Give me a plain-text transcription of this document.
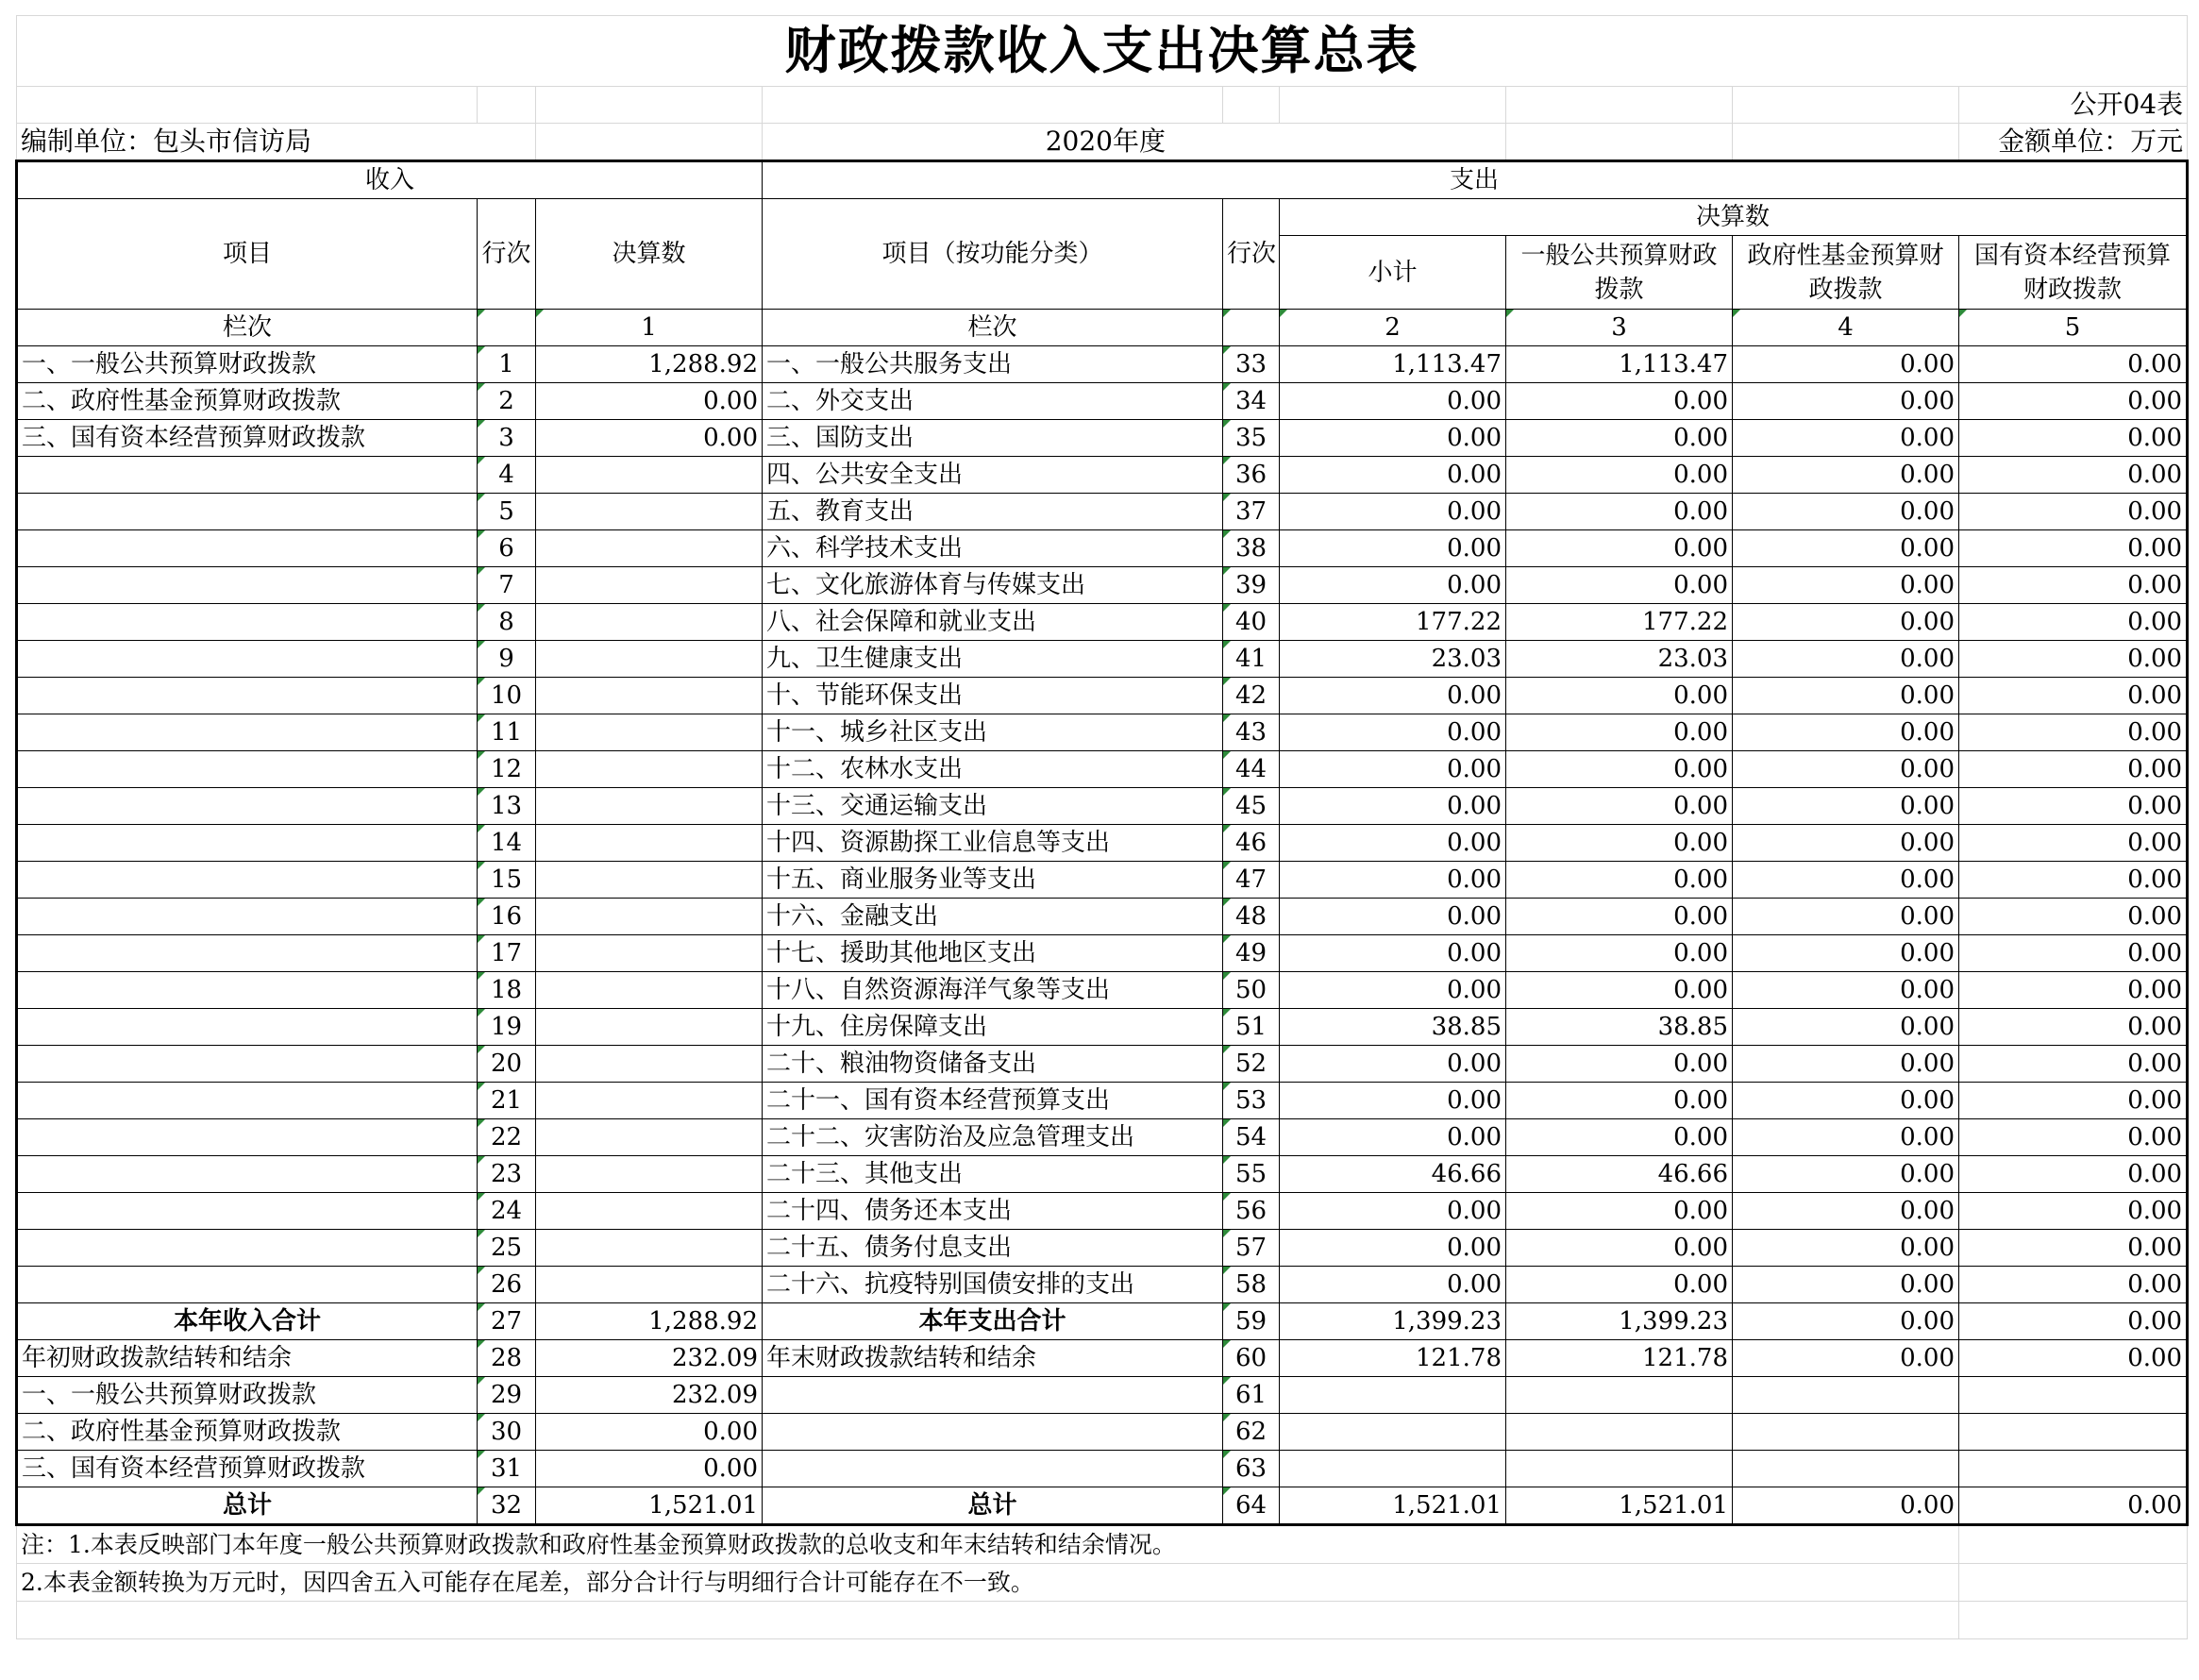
财政拨款收入支出决算总表								
								公开04表
编制单位：包头市信访局			2020年度					金额单位：万元
收入			支出					
项目	行次	决算数	项目（按功能分类）	行次	决算数			
					小计	一般公共预算财政拨款	政府性基金预算财政拨款	国有资本经营预算财政拨款
栏次		1	栏次		2	3	4	5
一、一般公共预算财政拨款	1	1,288.92	一、一般公共服务支出	33	1,113.47	1,113.47	0.00	0.00
二、政府性基金预算财政拨款	2	0.00	二、外交支出	34	0.00	0.00	0.00	0.00
三、国有资本经营预算财政拨款	3	0.00	三、国防支出	35	0.00	0.00	0.00	0.00
	4		四、公共安全支出	36	0.00	0.00	0.00	0.00
	5		五、教育支出	37	0.00	0.00	0.00	0.00
	6		六、科学技术支出	38	0.00	0.00	0.00	0.00
	7		七、文化旅游体育与传媒支出	39	0.00	0.00	0.00	0.00
	8		八、社会保障和就业支出	40	177.22	177.22	0.00	0.00
	9		九、卫生健康支出	41	23.03	23.03	0.00	0.00
	10		十、节能环保支出	42	0.00	0.00	0.00	0.00
	11		十一、城乡社区支出	43	0.00	0.00	0.00	0.00
	12		十二、农林水支出	44	0.00	0.00	0.00	0.00
	13		十三、交通运输支出	45	0.00	0.00	0.00	0.00
	14		十四、资源勘探工业信息等支出	46	0.00	0.00	0.00	0.00
	15		十五、商业服务业等支出	47	0.00	0.00	0.00	0.00
	16		十六、金融支出	48	0.00	0.00	0.00	0.00
	17		十七、援助其他地区支出	49	0.00	0.00	0.00	0.00
	18		十八、自然资源海洋气象等支出	50	0.00	0.00	0.00	0.00
	19		十九、住房保障支出	51	38.85	38.85	0.00	0.00
	20		二十、粮油物资储备支出	52	0.00	0.00	0.00	0.00
	21		二十一、国有资本经营预算支出	53	0.00	0.00	0.00	0.00
	22		二十二、灾害防治及应急管理支出	54	0.00	0.00	0.00	0.00
	23		二十三、其他支出	55	46.66	46.66	0.00	0.00
	24		二十四、债务还本支出	56	0.00	0.00	0.00	0.00
	25		二十五、债务付息支出	57	0.00	0.00	0.00	0.00
	26		二十六、抗疫特别国债安排的支出	58	0.00	0.00	0.00	0.00
本年收入合计	27	1,288.92	本年支出合计	59	1,399.23	1,399.23	0.00	0.00
年初财政拨款结转和结余	28	232.09	年末财政拨款结转和结余	60	121.78	121.78	0.00	0.00
一、一般公共预算财政拨款	29	232.09		61				
二、政府性基金预算财政拨款	30	0.00		62				
三、国有资本经营预算财政拨款	31	0.00		63				
总计	32	1,521.01	总计	64	1,521.01	1,521.01	0.00	0.00
注：1.本表反映部门本年度一般公共预算财政拨款和政府性基金预算财政拨款的总收支和年末结转和结余情况。								
2.本表金额转换为万元时，因四舍五入可能存在尾差，部分合计行与明细行合计可能存在不一致。								
